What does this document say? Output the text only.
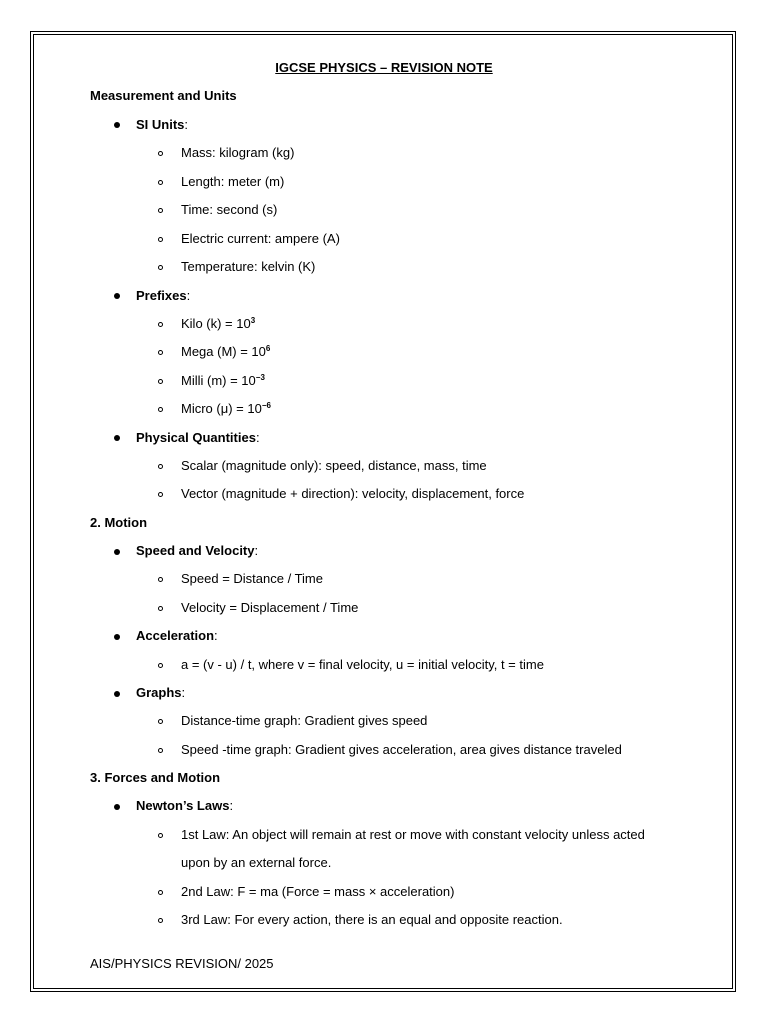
IGCSE PHYSICS – REVISION NOTE
Measurement and Units
SI Units:
Mass: kilogram (kg)
Length: meter (m)
Time: second (s)
Electric current: ampere (A)
Temperature: kelvin (K)
Prefixes:
Kilo $(k) = 10^3$
Mega $(M) = 10^6$
Milli $(m) = 10^{-3}$
Micro $(\mu) = 10^{-6}$
Physical Quantities:
Scalar (magnitude only): speed, distance, mass, time
Vector (magnitude + direction): velocity, displacement, force
2. Motion
Speed and Velocity:
Speed = Distance / Time
Velocity = Displacement / Time
Acceleration:
a = (v - u) / t, where v = final velocity, u = initial velocity, t = time
Graphs:
Distance-time graph: Gradient gives speed
Speed -time graph: Gradient gives acceleration, area gives distance traveled
3. Forces and Motion
Newton’s Laws:
1st Law: An object will remain at rest or move with constant velocity unless acted
upon by an external force.
2nd Law: F = ma (Force = mass × acceleration)
3rd Law: For every action, there is an equal and opposite reaction.
AIS/PHYSICS REVISION/ 2025
